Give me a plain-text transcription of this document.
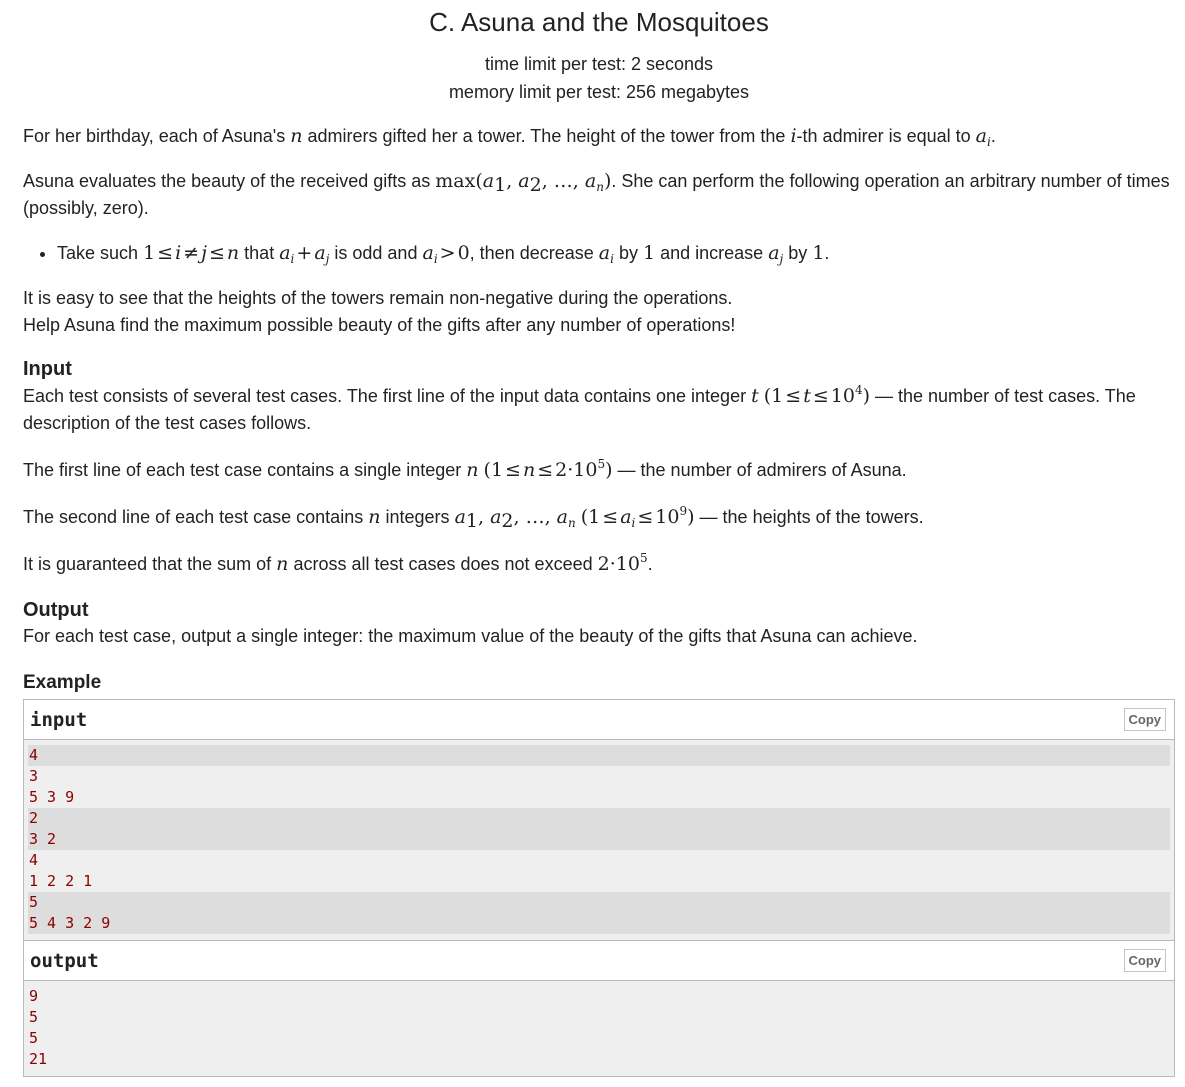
C. Asuna and the Mosquitoes
time limit per test: 2 seconds
memory limit per test: 256 megabytes

For her birthday, each of Asuna's n admirers gifted her a tower. The height of the tower from the i-th admirer is equal to $a_i$.

Asuna evaluates the beauty of the received gifts as $\max(a_1$, $a_2$, …, $a_n$). She can perform the following operation an arbitrary number of times (possibly, zero).

• Take such 1 ≤ i ≠ j ≤ n that $a_i + a_j$ is odd and $a_i > 0$, then decrease $a_i$ by 1 and increase $a_j$ by 1.

It is easy to see that the heights of the towers remain non-negative during the operations.
Help Asuna find the maximum possible beauty of the gifts after any number of operations!

Input

Each test consists of several test cases. The first line of the input data contains one integer t $(1 \le t \le 10^4)$ — the number of test cases. The description of the test cases follows.

The first line of each test case contains a single integer n $(1 \le n \le 2\cdot 10^5)$ — the number of admirers of Asuna.

The second line of each test case contains n integers $a_1$, $a_2$, …, $a_n$ $(1 \le a_i \le 10^9)$ — the heights of the towers.

It is guaranteed that the sum of n across all test cases does not exceed $2\cdot 10^5$.

Output

For each test case, output a single integer: the maximum value of the beauty of the gifts that Asuna can achieve.

Example
input	Copy
4
3
5 3 9
2
3 2
4
1 2 2 1
5
5 4 3 2 9
output	Copy
9
5
5
21
